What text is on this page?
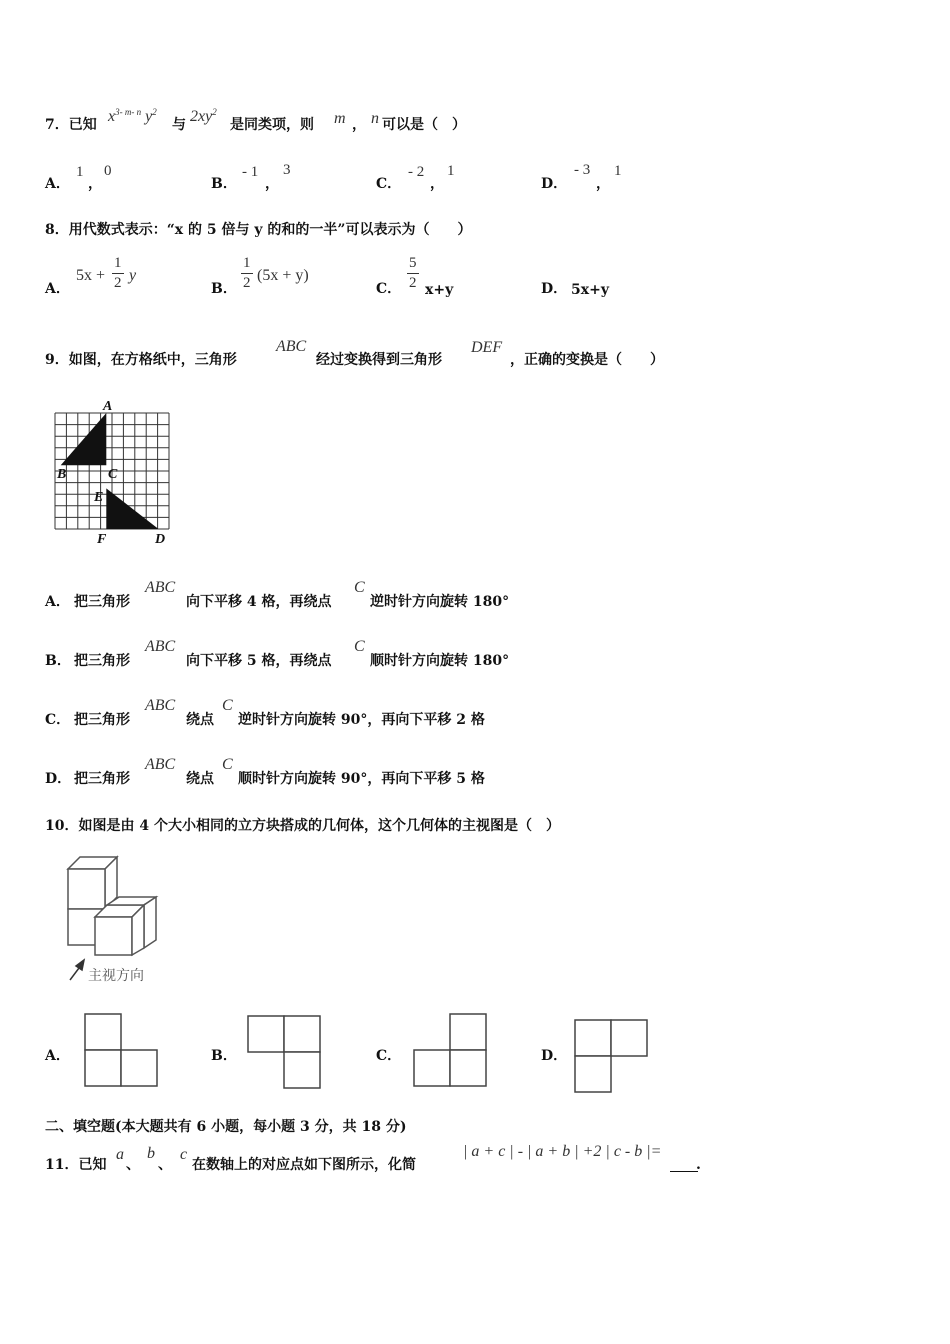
7．已知 $x^{3- m- n}$ $y^2$
与 $2xy^2$
是同类项，则 m ， n 可以是（　）
A．
1
，
0
B．
- 1
，
3
C．
- 2
，
1
D．
- 3
，
1
8．用代数式表示：“x 的 5 倍与 y 的和的一半”可以表示为（　　）
A．
5x +
1
2 y
B．
1
2 (5x + y)
C．
5
2 x+y	D． 5x+y
9．如图，在方格纸中，三角形
ABC
经过变换得到三角形
DEF
，正确的变换是（　　）
A
B	C
E
F	D
A． 把三角形
ABC
向下平移 4 格，再绕点
C
逆时针方向旋转 180°
B． 把三角形
ABC
向下平移 5 格，再绕点
C
顺时针方向旋转 180°
C． 把三角形
ABC
绕点
C
逆时针方向旋转 90°，再向下平移 2 格
D． 把三角形
ABC
绕点
C
顺时针方向旋转 90°，再向下平移 5 格
10．如图是由 4 个大小相同的立方块搭成的几何体，这个几何体的主视图是（　）
主视方向
A．	B．	C．	D．
二、填空题(本大题共有 6 小题，每小题 3 分，共 18 分)
11．已知
a
、
b
、
c
在数轴上的对应点如下图所示，化简
| a + c | - | a + b | +2 | c - b |=
.
